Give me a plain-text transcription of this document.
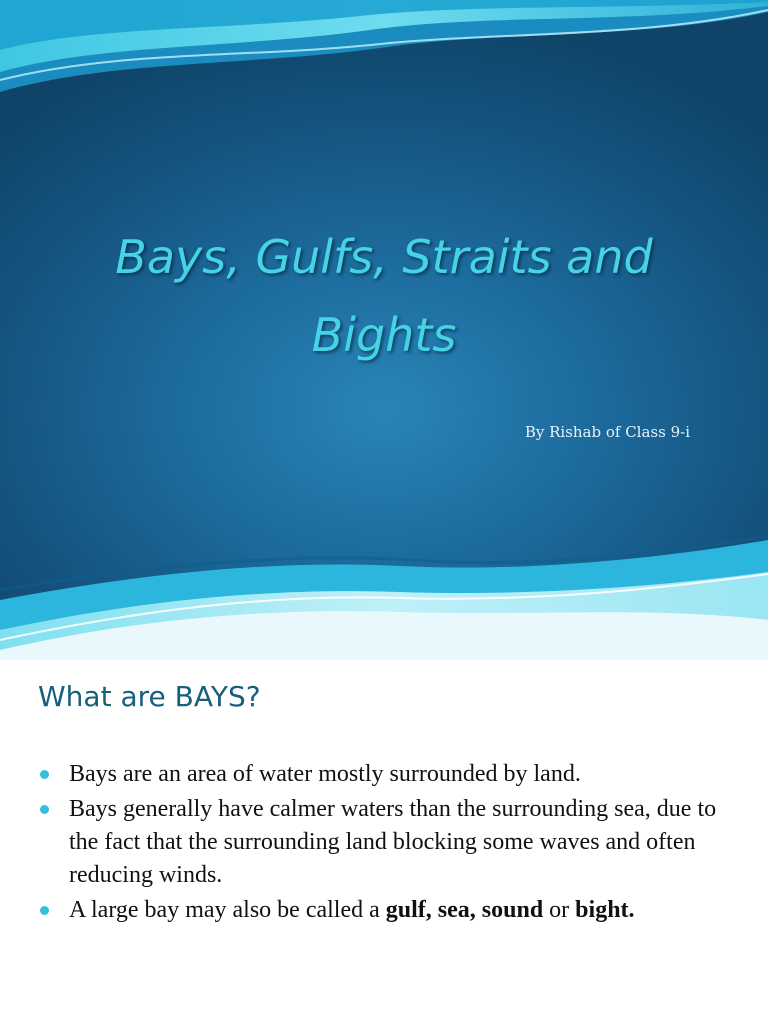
Bays, Gulfs, Straits and Bights

By Rishab of Class 9-i

What are BAYS?
Bays are an area of water mostly surrounded by land.
Bays generally have calmer waters than the surrounding sea, due to the fact that the surrounding land blocking some waves and often reducing winds.
A large bay may also be called a gulf, sea, sound or bight.
